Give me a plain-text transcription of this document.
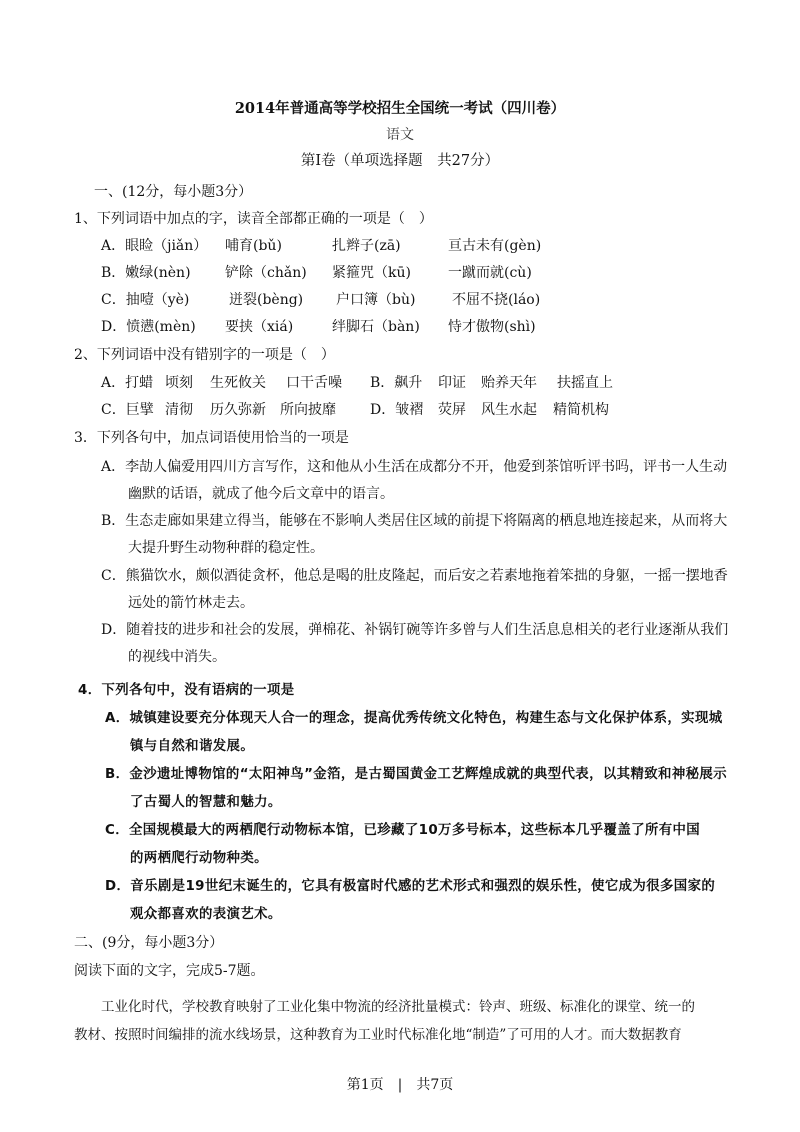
2014年普通高等学校招生全国统一考试（四川卷）
语文
第Ⅰ卷（单项选择题　共27分）
一、(12分，每小题3分）
1、下列词语中加点的字，读音全部都正确的一项是（　）
A．眼睑（jiǎn） 哺育(bǔ)	扎辫子(zā)	亘古未有(gèn)
B．嫩绿(nèn) 铲除（chǎn) 紧箍咒（kū)	一蹴而就(cù)
C．抽噎（yè)	迸裂(bèng) 户口簿（bù)	不屈不挠(láo)
D．愤懑(mèn) 要挟（xiá)	绊脚石（bàn) 恃才傲物(shì)
2、下列词语中没有错别字的一项是（　）
A．打蜡 顷刻 生死攸关 口干舌噪 B．飙升 印证 贻养天年 扶摇直上
C．巨擘 清彻 历久弥新 所向披靡 D．皱褶 荧屏 风生水起 精简机构
3．下列各句中，加点词语使用恰当的一项是
A．李劼人偏爱用四川方言写作，这和他从小生活在成都分不开，他爱到茶馆听评书吗，评书一人生动
幽默的话语，就成了他今后文章中的语言。
B．生态走廊如果建立得当，能够在不影响人类居住区域的前提下将隔离的栖息地连接起来，从而将大
大提升野生动物种群的稳定性。
C．熊猫饮水，颇似酒徒贪杯，他总是喝的肚皮隆起，而后安之若素地拖着笨拙的身躯，一摇一摆地香
远处的箭竹林走去。
D．随着技的进步和社会的发展，弹棉花、补锅钉碗等许多曾与人们生活息息相关的老行业逐渐从我们
的视线中消失。
4．下列各句中，没有语病的一项是
A．城镇建设要充分体现天人合一的理念，提高优秀传统文化特色，构建生态与文化保护体系，实现城
镇与自然和谐发展。
B．金沙遗址博物馆的“太阳神鸟”金箔，是古蜀国黄金工艺辉煌成就的典型代表，以其精致和神秘展示
了古蜀人的智慧和魅力。
C．全国规模最大的两栖爬行动物标本馆，已珍藏了10万多号标本，这些标本几乎覆盖了所有中国
的两栖爬行动物种类。
D．音乐剧是19世纪末诞生的，它具有极富时代感的艺术形式和强烈的娱乐性，使它成为很多国家的
观众都喜欢的表演艺术。
二、(9分，每小题3分）
阅读下面的文字，完成5-7题。
工业化时代，学校教育映射了工业化集中物流的经济批量模式：铃声、班级、标准化的课堂、统一的
教材、按照时间编排的流水线场景，这种教育为工业时代标准化地“制造”了可用的人才。而大数据教育
第1页　|　共7页
